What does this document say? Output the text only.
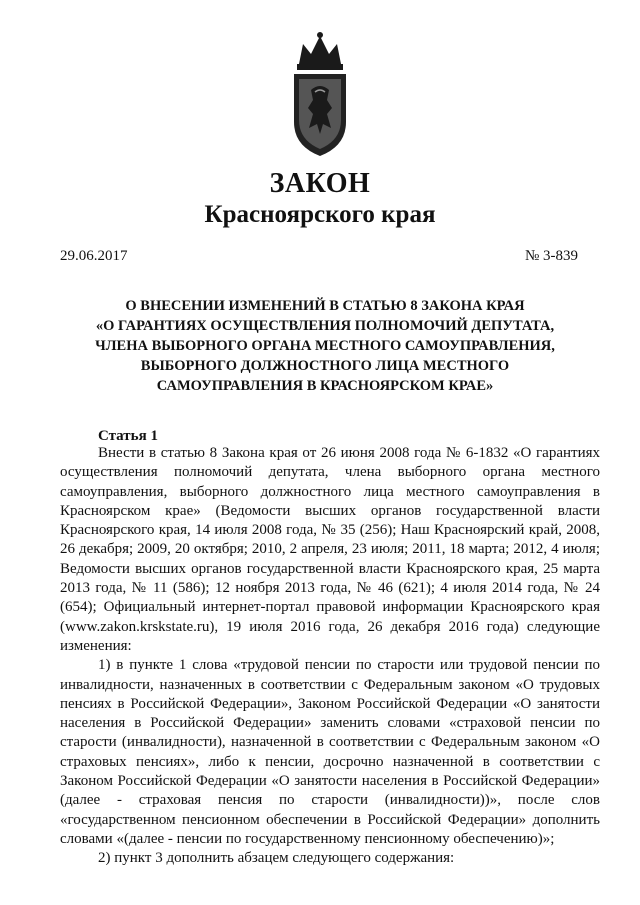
ЗАКОН
Красноярского края
29.06.2017	№ 3-839
О ВНЕСЕНИИ ИЗМЕНЕНИЙ В СТАТЬЮ 8 ЗАКОНА КРАЯ
«О ГАРАНТИЯХ ОСУЩЕСТВЛЕНИЯ ПОЛНОМОЧИЙ ДЕПУТАТА,
ЧЛЕНА ВЫБОРНОГО ОРГАНА МЕСТНОГО САМОУПРАВЛЕНИЯ,
ВЫБОРНОГО ДОЛЖНОСТНОГО ЛИЦА МЕСТНОГО
САМОУПРАВЛЕНИЯ В КРАСНОЯРСКОМ КРАЕ»
Статья 1

Внести в статью 8 Закона края от 26 июня 2008 года № 6-1832 «О гарантиях осуществления полномочий депутата, члена выборного органа местного самоуправления, выборного должностного лица местного самоуправления в Красноярском крае» (Ведомости высших органов государственной власти Красноярского края, 14 июля 2008 года, № 35 (256); Наш Красноярский край, 2008, 26 декабря; 2009, 20 октября; 2010, 2 апреля, 23 июля; 2011, 18 марта; 2012, 4 июля; Ведомости высших органов государственной власти Красноярского края, 25 марта 2013 года, № 11 (586); 12 ноября 2013 года, № 46 (621); 4 июля 2014 года, № 24 (654); Официальный интернет-портал правовой информации Красноярского края (www.zakon.krskstate.ru), 19 июля 2016 года, 26 декабря 2016 года) следующие изменения:

1) в пункте 1 слова «трудовой пенсии по старости или трудовой пенсии по инвалидности, назначенных в соответствии с Федеральным законом «О трудовых пенсиях в Российской Федерации», Законом Российской Федерации «О занятости населения в Российской Федерации» заменить словами «страховой пенсии по старости (инвалидности), назначенной в соответствии с Федеральным законом «О страховых пенсиях», либо к пенсии, досрочно назначенной в соответствии с Законом Российской Федерации «О занятости населения в Российской Федерации» (далее - страховая пенсия по старости (инвалидности))», после слов «государственном пенсионном обеспечении в Российской Федерации» дополнить словами «(далее - пенсии по государственному пенсионному обеспечению)»;

2) пункт 3 дополнить абзацем следующего содержания:
